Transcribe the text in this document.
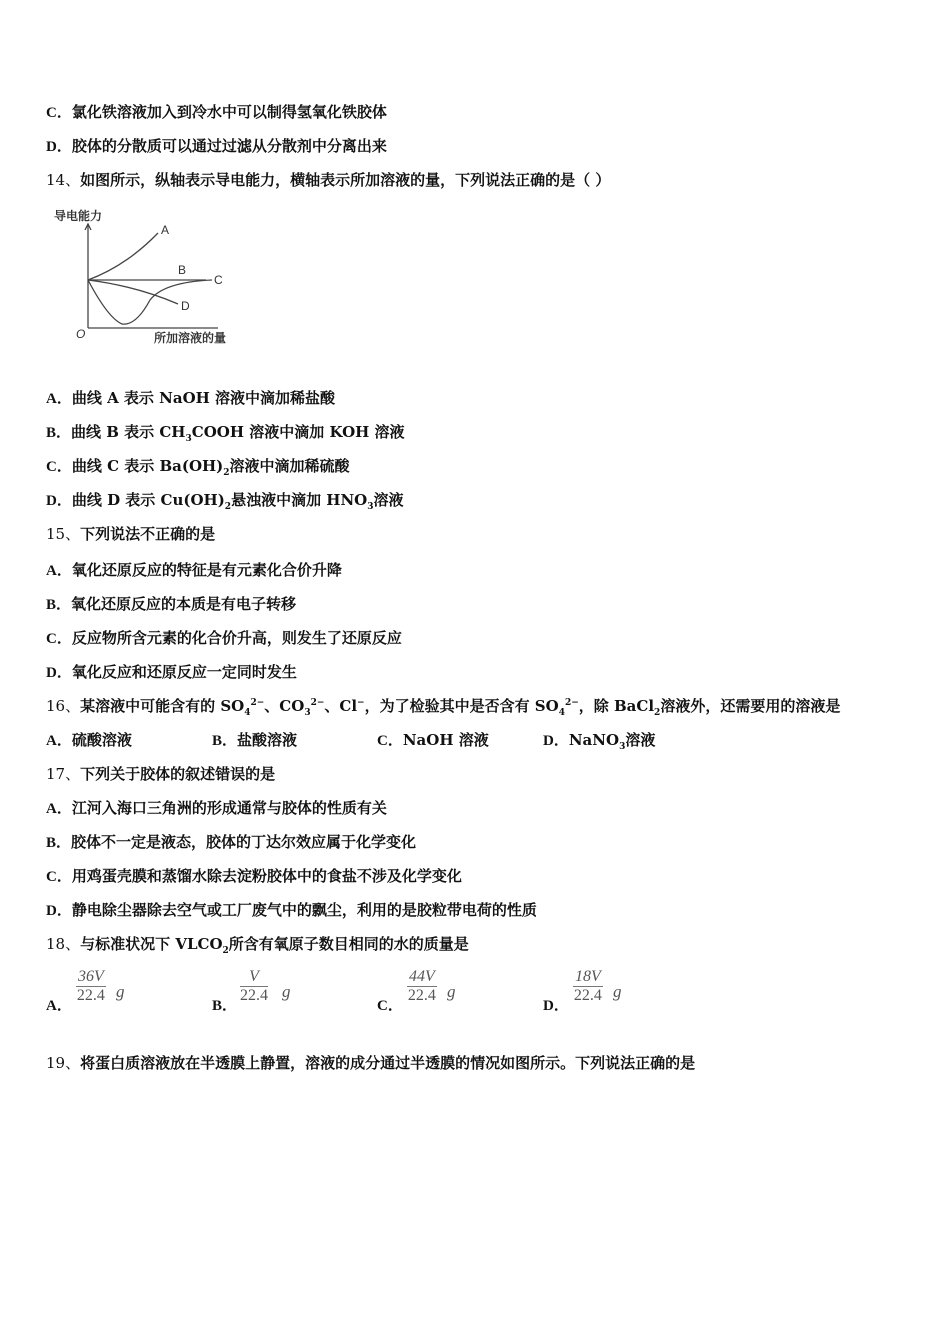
C．氯化铁溶液加入到冷水中可以制得氢氧化铁胶体
D．胶体的分散质可以通过过滤从分散剂中分离出来
14、如图所示，纵轴表示导电能力，横轴表示所加溶液的量，下列说法正确的是（ ）
导电能力
所加溶液的量
O
A
B
C
D
A．曲线 A 表示 NaOH 溶液中滴加稀盐酸
B．曲线 B 表示 $CH_3COOH$ 溶液中滴加 KOH 溶液
C．曲线 C 表示 $Ba(OH)_2$溶液中滴加稀硫酸
D．曲线 D 表示 $Cu(OH)_2$悬浊液中滴加 $HNO_3$溶液
15、下列说法不正确的是
A．氧化还原反应的特征是有元素化合价升降
B．氧化还原反应的本质是有电子转移
C．反应物所含元素的化合价升高，则发生了还原反应
D．氧化反应和还原反应一定同时发生
16、某溶液中可能含有的 $SO_4^{2-}$、$CO_3^{2-}$、Cl−，为了检验其中是否含有 $SO_4^{2-}$，除 BaCl$_2$溶液外，还需要用的溶液是
A．硫酸溶液	B．盐酸溶液	C．NaOH 溶液	D．NaNO$_3$溶液
17、下列关于胶体的叙述错误的是
A．江河入海口三角洲的形成通常与胶体的性质有关
B．胶体不一定是液态，胶体的丁达尔效应属于化学变化
C．用鸡蛋壳膜和蒸馏水除去淀粉胶体中的食盐不涉及化学变化
D．静电除尘器除去空气或工厂废气中的飘尘，利用的是胶粒带电荷的性质
18、与标准状况下 $VLCO_2$所含有氧原子数目相同的水的质量是
A．
$\frac{36V}{22.4}$ g
B．
$\frac{V}{22.4}$ g
C．
$\frac{44V}{22.4}$ g
D．
$\frac{18V}{22.4}$ g
19、将蛋白质溶液放在半透膜上静置，溶液的成分通过半透膜的情况如图所示。下列说法正确的是
